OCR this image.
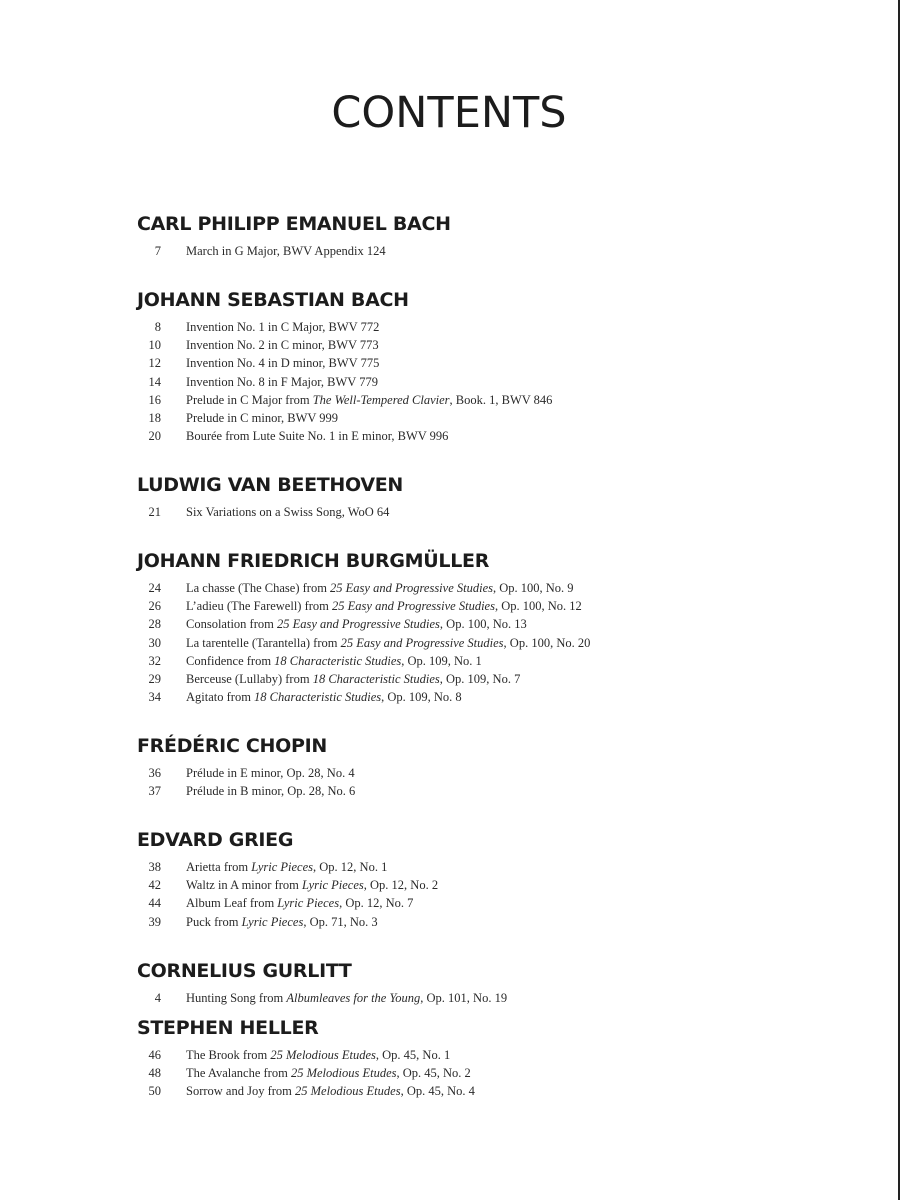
CONTENTS
CARL PHILIPP EMANUEL BACH
7 March in G Major, BWV Appendix 124
JOHANN SEBASTIAN BACH
8 Invention No. 1 in C Major, BWV 772
10 Invention No. 2 in C minor, BWV 773
12 Invention No. 4 in D minor, BWV 775
14 Invention No. 8 in F Major, BWV 779
16 Prelude in C Major from The Well-Tempered Clavier, Book. 1, BWV 846
18 Prelude in C minor, BWV 999
20 Bourée from Lute Suite No. 1 in E minor, BWV 996
LUDWIG VAN BEETHOVEN
21 Six Variations on a Swiss Song, WoO 64
JOHANN FRIEDRICH BURGMÜLLER
24 La chasse (The Chase) from 25 Easy and Progressive Studies, Op. 100, No. 9
26 L’adieu (The Farewell) from 25 Easy and Progressive Studies, Op. 100, No. 12
28 Consolation from 25 Easy and Progressive Studies, Op. 100, No. 13
30 La tarentelle (Tarantella) from 25 Easy and Progressive Studies, Op. 100, No. 20
32 Confidence from 18 Characteristic Studies, Op. 109, No. 1
29 Berceuse (Lullaby) from 18 Characteristic Studies, Op. 109, No. 7
34 Agitato from 18 Characteristic Studies, Op. 109, No. 8
FRÉDÉRIC CHOPIN
36 Prélude in E minor, Op. 28, No. 4
37 Prélude in B minor, Op. 28, No. 6
EDVARD GRIEG
38 Arietta from Lyric Pieces, Op. 12, No. 1
42 Waltz in A minor from Lyric Pieces, Op. 12, No. 2
44 Album Leaf from Lyric Pieces, Op. 12, No. 7
39 Puck from Lyric Pieces, Op. 71, No. 3
CORNELIUS GURLITT
4 Hunting Song from Albumleaves for the Young, Op. 101, No. 19
STEPHEN HELLER
46 The Brook from 25 Melodious Etudes, Op. 45, No. 1
48 The Avalanche from 25 Melodious Etudes, Op. 45, No. 2
50 Sorrow and Joy from 25 Melodious Etudes, Op. 45, No. 4
